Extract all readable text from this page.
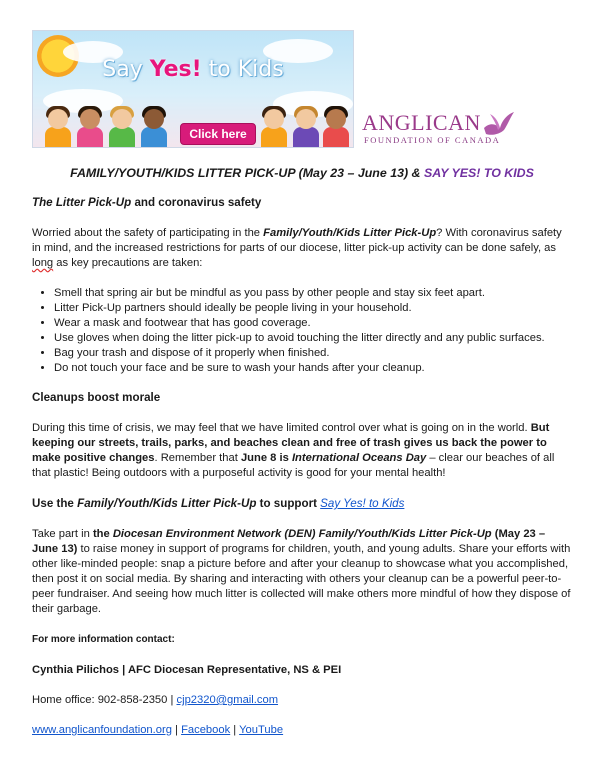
Say Yes! to Kids
Click here	ANGLICAN
FOUNDATION OF CANADA
FAMILY/YOUTH/KIDS LITTER PICK-UP (May 23 – June 13) & SAY YES! TO KIDS
The Litter Pick-Up and coronavirus safety

Worried about the safety of participating in the Family/Youth/Kids Litter Pick-Up? With coronavirus safety in mind, and the increased restrictions for parts of our diocese, litter pick-up activity can be done safely, as long as key precautions are taken:

• Smell that spring air but be mindful as you pass by other people and stay six feet apart.
• Litter Pick-Up partners should ideally be people living in your household.
• Wear a mask and footwear that has good coverage.
• Use gloves when doing the litter pick-up to avoid touching the litter directly and any public surfaces.
• Bag your trash and dispose of it properly when finished.
• Do not touch your face and be sure to wash your hands after your cleanup.
Cleanups boost morale

During this time of crisis, we may feel that we have limited control over what is going on in the world. But keeping our streets, trails, parks, and beaches clean and free of trash gives us back the power to make positive changes. Remember that June 8 is International Oceans Day – clear our beaches of all that plastic! Being outdoors with a purposeful activity is good for your mental health!

Use the Family/Youth/Kids Litter Pick-Up to support Say Yes! to Kids

Take part in the Diocesan Environment Network (DEN) Family/Youth/Kids Litter Pick-Up (May 23 – June 13) to raise money in support of programs for children, youth, and young adults. Share your efforts with other like-minded people: snap a picture before and after your cleanup to showcase what you accomplished, then post it on social media. By sharing and interacting with others your cleanup can be a powerful peer-to-peer fundraiser. And seeing how much litter is collected will make others more mindful of how they dispose of their garbage.

For more information contact:
Cynthia Pilichos | AFC Diocesan Representative, NS & PEI
Home office: 902-858-2350 | cjp2320@gmail.com
www.anglicanfoundation.org | Facebook | YouTube
